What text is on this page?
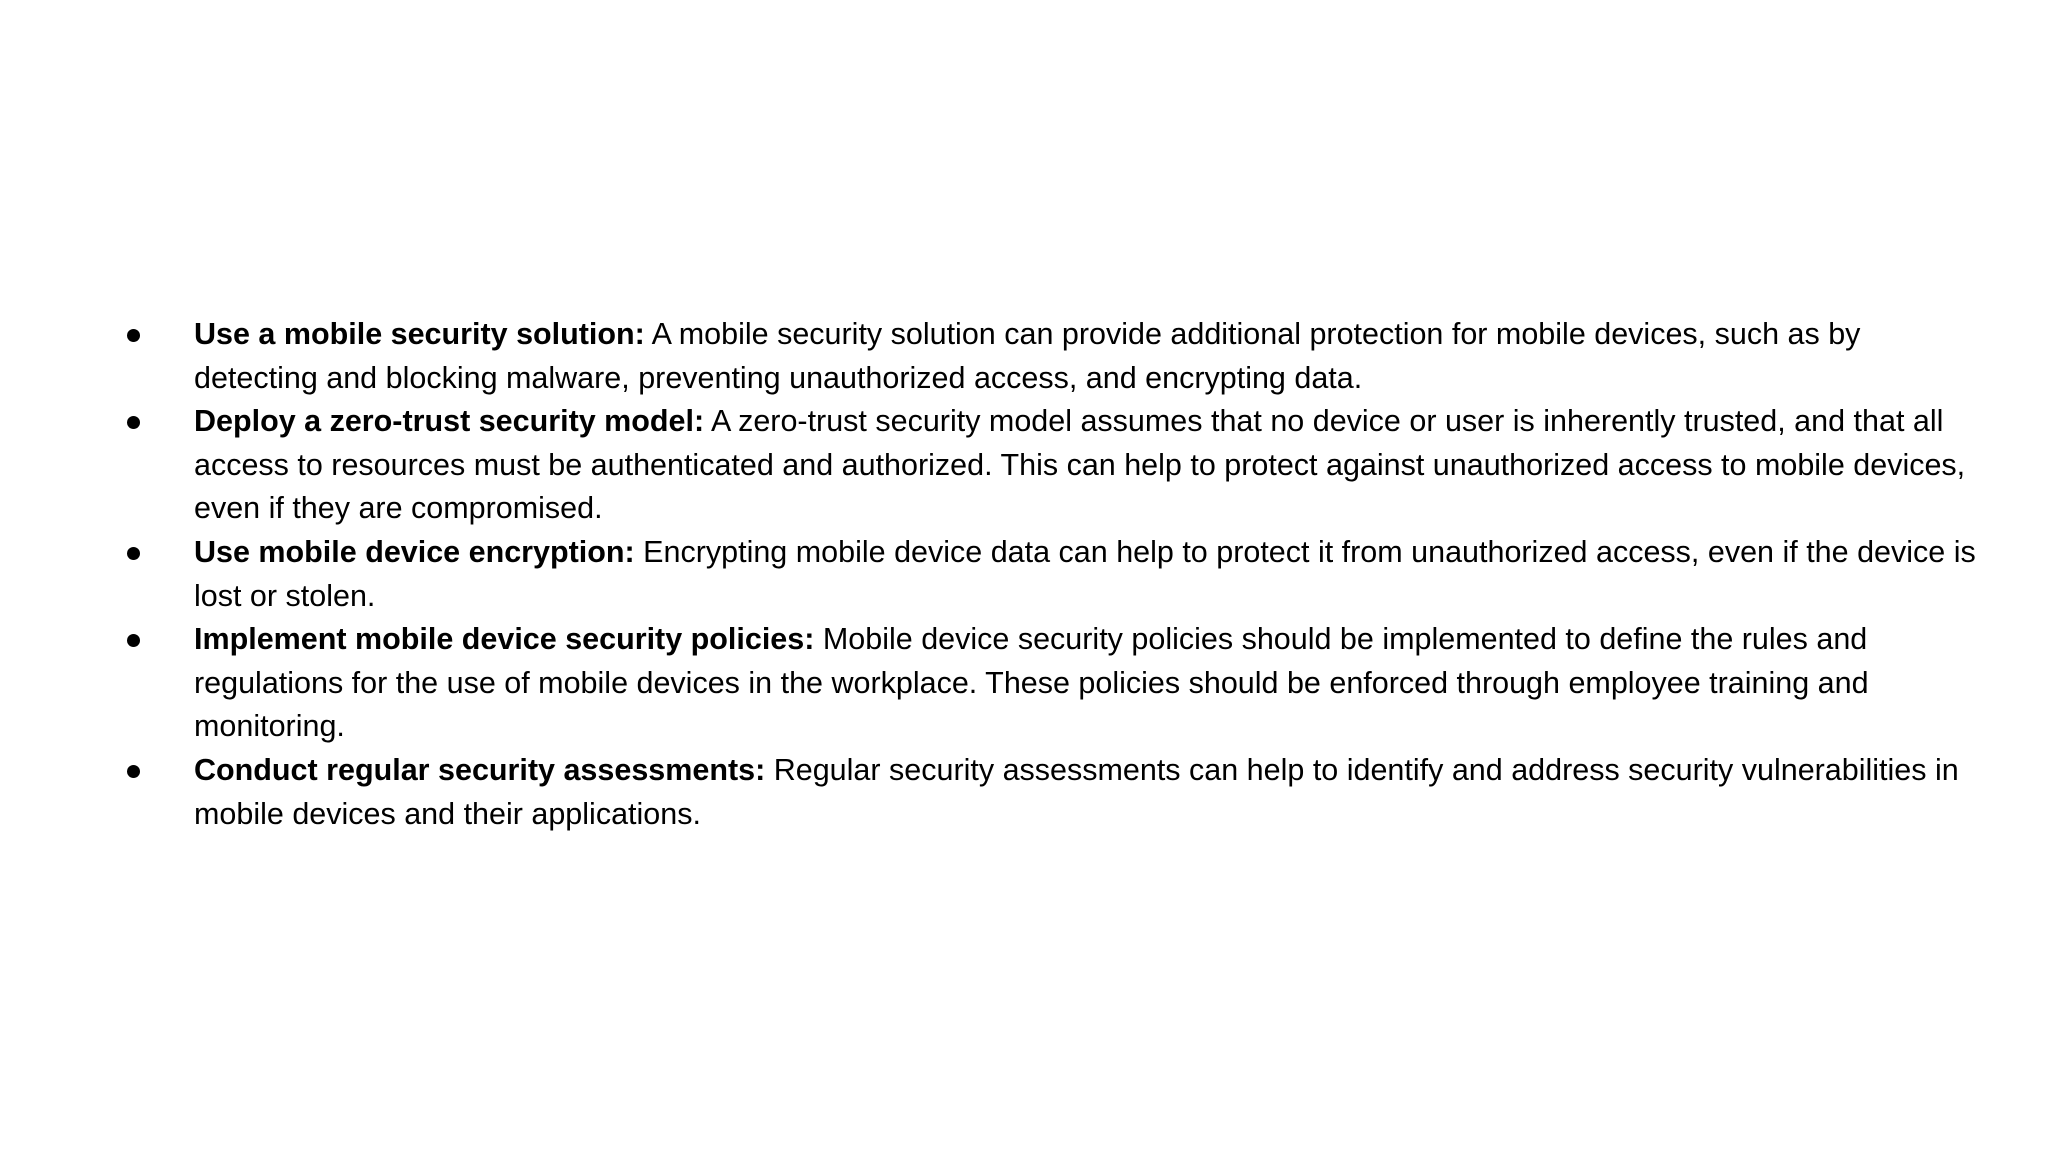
Use a mobile security solution: A mobile security solution can provide additional protection for mobile devices, such as by detecting and blocking malware, preventing unauthorized access, and encrypting data.
Deploy a zero-trust security model: A zero-trust security model assumes that no device or user is inherently trusted, and that all access to resources must be authenticated and authorized. This can help to protect against unauthorized access to mobile devices, even if they are compromised.
Use mobile device encryption: Encrypting mobile device data can help to protect it from unauthorized access, even if the device is lost or stolen.
Implement mobile device security policies: Mobile device security policies should be implemented to define the rules and regulations for the use of mobile devices in the workplace. These policies should be enforced through employee training and monitoring.
Conduct regular security assessments: Regular security assessments can help to identify and address security vulnerabilities in mobile devices and their applications.
